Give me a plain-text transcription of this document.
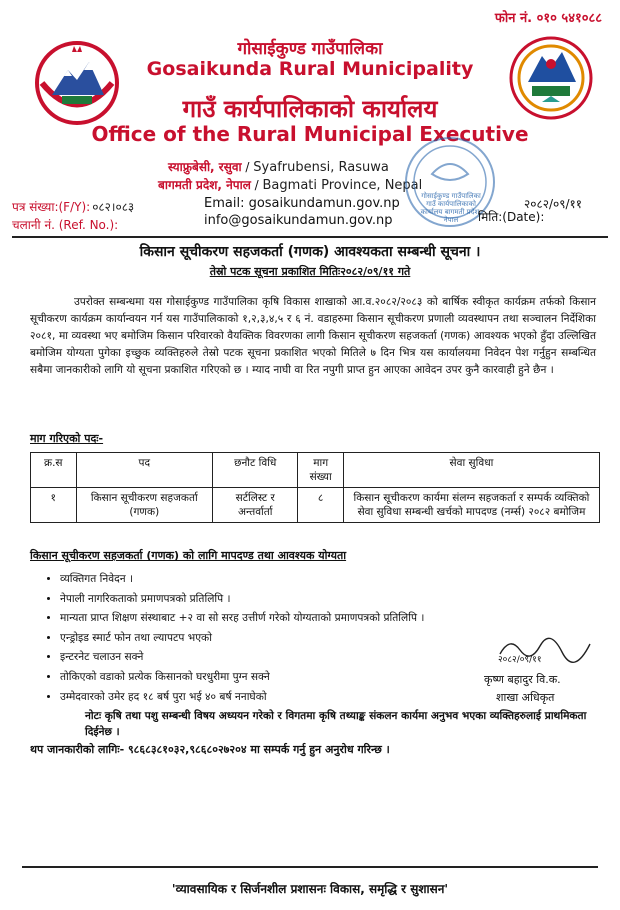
फोन नं. ०१० ५४१०८८
गोसाईकुण्ड गाउँपालिका
Gosaikunda Rural Municipality
गाउँ कार्यपालिकाको कार्यालय
Office of the Rural Municipal Executive
स्याफ्रुबेसी, रसुवा / Syafrubensi, Rasuwa
बागमती प्रदेश, नेपाल / Bagmati Province, Nepal
गोसाईकुण्ड गाउँपालिका गाउँ कार्यपालिकाको कार्यालय बागमती प्रदेश, नेपाल
पत्र संख्या:(F/Y): ०८२।०८३
चलानी नं. (Ref. No.):
Email: gosaikundamun.gov.np
info@gosaikundamun.gov.np
२०८२/०९/११
मिति:(Date):
किसान सूचीकरण सहजकर्ता (गणक) आवश्यकता सम्बन्धी सूचना ।
तेस्रो पटक सूचना प्रकाशित मितिः२०८२/०९/११ गते
उपरोक्त सम्बन्धमा यस गोसाईकुण्ड गाउँपालिका कृषि विकास शाखाको आ.व.२०८२/२०८३ को बार्षिक स्वीकृत कार्यक्रम तर्फको किसान सूचीकरण कार्यक्रम कार्यान्वयन गर्न यस गाउँपालिकाको १,२,३,४,५ र ६ नं. वडाहरुमा किसान सूचीकरण प्रणाली व्यवस्थापन तथा सञ्चालन निर्देशिका २०८१, मा व्यवस्था भए बमोजिम किसान परिवारको वैयक्तिक विवरणका लागी किसान सूचीकरण सहजकर्ता (गणक) आवश्यक भएको हुँदा उल्लिखित बमोजिम योग्यता पुगेका इच्छुक व्यक्तिहरुले तेस्रो पटक सूचना प्रकाशित भएको मितिले ७ दिन भित्र यस कार्यालयमा निवेदन पेश गर्नुहुन सम्बन्धित सबैमा जानकारीको लागि यो सूचना प्रकाशित गरिएको छ । म्याद नाघी वा रित नपुगी प्राप्त हुन आएका आवेदन उपर कुनै कारवाही हुने छैन ।
माग गरिएको पदः-
क्र.स	पद	छनौट विधि	माग संख्या	सेवा सुविधा
१	किसान सूचीकरण सहजकर्ता (गणक)	सर्टलिस्ट र अन्तर्वार्ता	८	किसान सूचीकरण कार्यमा संलग्न सहजकर्ता र सम्पर्क व्यक्तिको सेवा सुविधा सम्बन्धी खर्चको मापदण्ड (नर्म्स) २०८२ बमोजिम
किसान सूचीकरण सहजकर्ता (गणक) को लागि मापदण्ड तथा आवश्यक योग्यता
• व्यक्तिगत निवेदन ।
• नेपाली नागरिकताको प्रमाणपत्रको प्रतिलिपि ।
• मान्यता प्राप्त शिक्षण संस्थाबाट +२ वा सो सरह उत्तीर्ण गरेको योग्यताको प्रमाणपत्रको प्रतिलिपि ।
• एन्ड्रोइड स्मार्ट फोन तथा ल्यापटप भएको
• इन्टरनेट चलाउन सक्ने
• तोकिएको वडाको प्रत्येक किसानको घरधुरीमा पुग्न सक्ने
• उम्मेदवारको उमेर हद १८ बर्ष पुरा भई ४० बर्ष ननाघेको
नोटः कृषि तथा पशु सम्बन्धी विषय अध्ययन गरेको र विगतमा कृषि तथ्याङ्क संकलन कार्यमा अनुभव भएका व्यक्तिहरुलाई प्राथमिकता दिईनेछ ।
थप जानकारीको लागिः- ९८६८३८१०३२,९८६८०२७२०४ मा सम्पर्क गर्नु हुन अनुरोध गरिन्छ ।
२०८२/०९/११
कृष्ण बहादुर वि.क.
शाखा अधिकृत
'व्यावसायिक र सिर्जनशील प्रशासनः विकास, समृद्धि र सुशासन'
